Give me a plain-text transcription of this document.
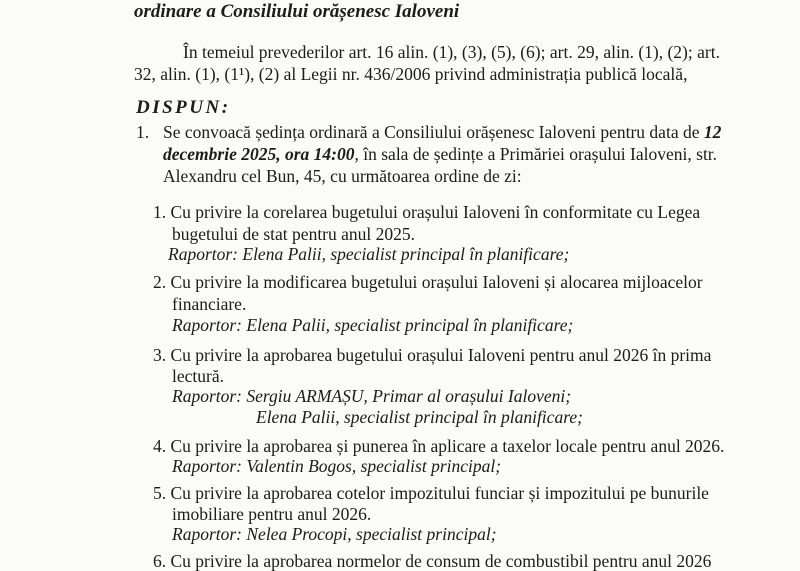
ordinare a Consiliului orășenesc Ialoveni
În temeiul prevederilor art. 16 alin. (1), (3), (5), (6); art. 29, alin. (1), (2); art.
32, alin. (1), (1¹), (2) al Legii nr. 436/2006 privind administrația publică locală,
DISPUN:
1. Se convoacă ședința ordinară a Consiliului orășenesc Ialoveni pentru data de 12
decembrie 2025, ora 14:00, în sala de ședințe a Primăriei orașului Ialoveni, str.
Alexandru cel Bun, 45, cu următoarea ordine de zi:
1. Cu privire la corelarea bugetului orașului Ialoveni în conformitate cu Legea
bugetului de stat pentru anul 2025.
Raportor: Elena Palii, specialist principal în planificare;
2. Cu privire la modificarea bugetului orașului Ialoveni și alocarea mijloacelor
financiare.
Raportor: Elena Palii, specialist principal în planificare;
3. Cu privire la aprobarea bugetului orașului Ialoveni pentru anul 2026 în prima
lectură.
Raportor: Sergiu ARMAȘU, Primar al orașului Ialoveni;
Elena Palii, specialist principal în planificare;
4. Cu privire la aprobarea și punerea în aplicare a taxelor locale pentru anul 2026.
Raportor: Valentin Bogos, specialist principal;
5. Cu privire la aprobarea cotelor impozitului funciar și impozitului pe bunurile
imobiliare pentru anul 2026.
Raportor: Nelea Procopi, specialist principal;
6. Cu privire la aprobarea normelor de consum de combustibil pentru anul 2026
